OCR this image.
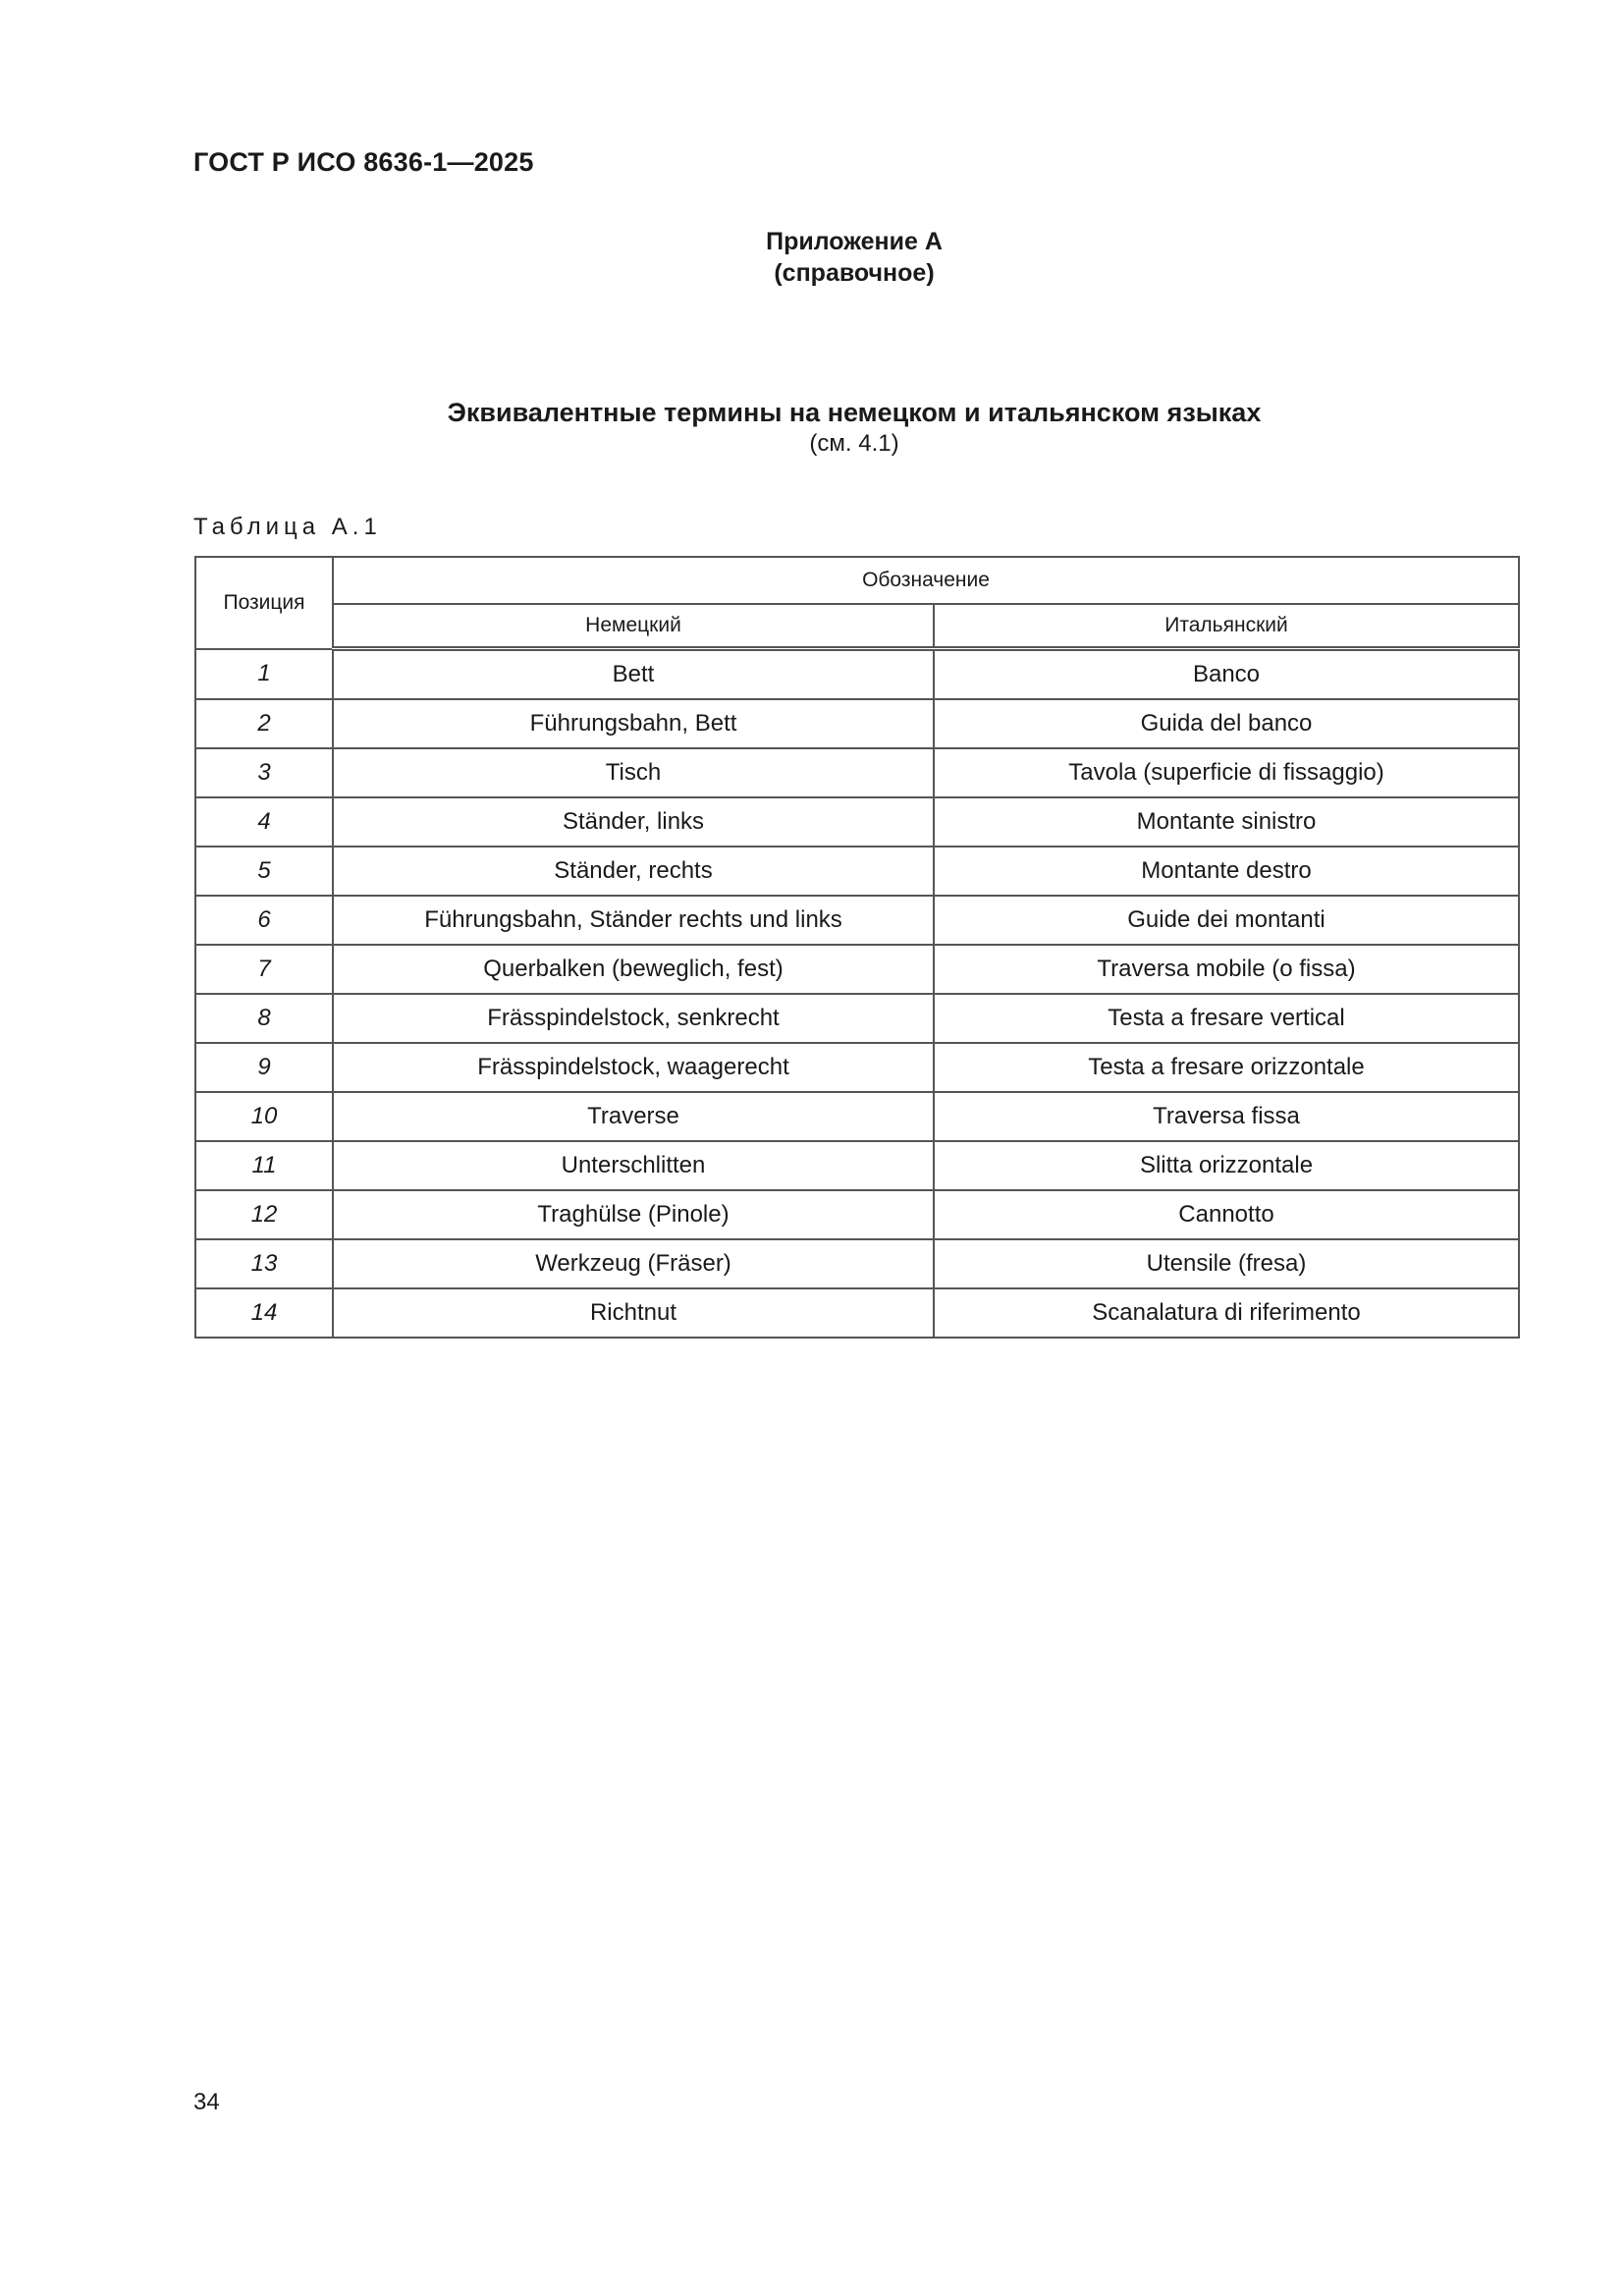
ГОСТ Р ИСО 8636-1—2025
Приложение А
(справочное)
Эквивалентные термины на немецком и итальянском языках
(см. 4.1)
Таблица А.1
Позиция	Обозначение	
	Немецкий	Итальянский
1	Bett	Banco
2	Führungsbahn, Bett	Guida del banco
3	Tisch	Tavola (superficie di fissaggio)
4	Ständer, links	Montante sinistro
5	Ständer, rechts	Montante destro
6	Führungsbahn, Ständer rechts und links	Guide dei montanti
7	Querbalken (beweglich, fest)	Traversa mobile (o fissa)
8	Frässpindelstock, senkrecht	Testa a fresare vertical
9	Frässpindelstock, waagerecht	Testa a fresare orizzontale
10	Traverse	Traversa fissa
11	Unterschlitten	Slitta orizzontale
12	Traghülse (Pinole)	Cannotto
13	Werkzeug (Fräser)	Utensile (fresa)
14	Richtnut	Scanalatura di riferimento
34
